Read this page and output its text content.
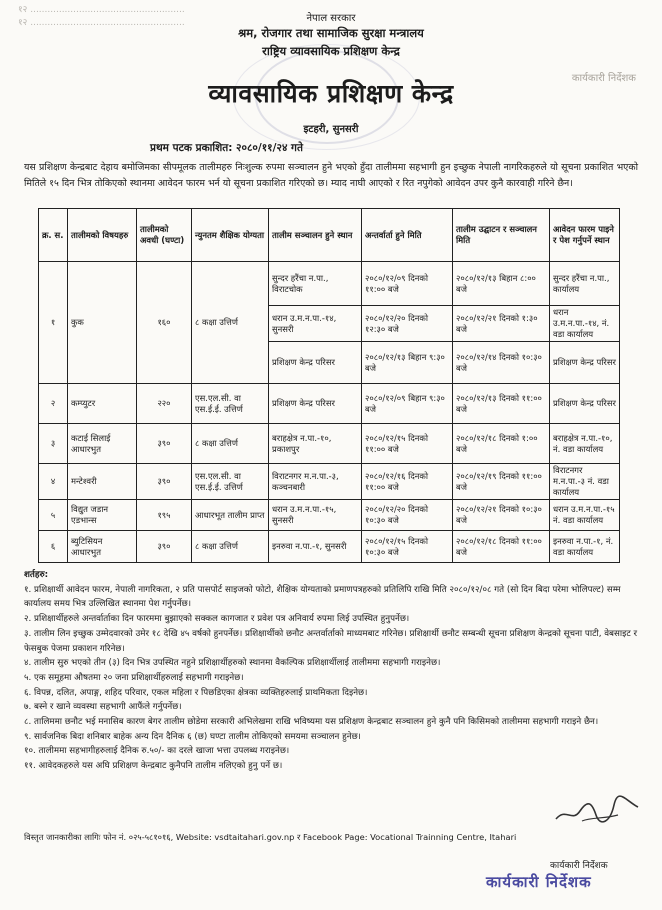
१२ ......................................................
१२ ......................................................	नेपाल सरकार
श्रम, रोजगार तथा सामाजिक सुरक्षा मन्त्रालय
राष्ट्रिय व्यावसायिक प्रशिक्षण केन्द्र
व्यावसायिक प्रशिक्षण केन्द्र
इटहरी, सुनसरी
कार्यकारी निर्देशक
प्रथम पटक प्रकाशित: २०८०/११/२४ गते
यस प्रशिक्षण केन्द्रबाट देहाय बमोजिमका सीपमूलक तालीमहरु निःशुल्क रुपमा सञ्चालन हुने भएको हुँदा तालीममा सहभागी हुन इच्छुक नेपाली नागरिकहरुले यो सूचना प्रकाशित भएको मितिले १५ दिन भित्र तोकिएको स्थानमा आवेदन फारम भर्न यो सूचना प्रकाशित गरिएको छ। म्याद नाघी आएको र रित नपुगेको आवेदन उपर कुनै कारवाही गरिने छैन।
क्र. स.	तालीमको विषयहरु	तालीमको अवधी (घण्टा)	न्युनतम शैक्षिक योग्यता	तालीम सञ्चालन हुने स्थान	अन्तर्वार्ता हुने मिति	तालीम उद्घाटन र सञ्चालन मिति	आवेदन फारम पाइने र पेश गर्नुपर्ने स्थान
१	कुक	१६०	८ कक्षा उत्तिर्ण	सुन्दर हरैंचा न.पा., विराटचोक	२०८०/१२/०९ दिनको ११:०० बजे	२०८०/१२/१३ बिहान ८:०० बजे	सुन्दर हरैंचा न.पा., कार्यालय
				धरान उ.म.न.पा.-१४, सुनसरी	२०८०/१२/२० दिनको १२:३० बजे	२०८०/१२/२१ दिनको १:३० बजे	धरान उ.म.न.पा.-१४, नं. वडा कार्यालय
				प्रशिक्षण केन्द्र परिसर	२०८०/१२/१३ बिहान ९:३० बजे	२०८०/१२/१४ दिनको १०:३० बजे	प्रशिक्षण केन्द्र परिसर
२	कम्प्युटर	२२०	एस.एल.सी. वा एस.ई.ई. उत्तिर्ण	प्रशिक्षण केन्द्र परिसर	२०८०/१२/०९ बिहान ९:३० बजे	२०८०/१२/१३ दिनको ११:०० बजे	प्रशिक्षण केन्द्र परिसर
३	कटाई सिलाई आधारभुत	३९०	८ कक्षा उत्तिर्ण	बराहक्षेत्र न.पा.-१०, प्रकाशपुर	२०८०/१२/१५ दिनको ११:०० बजे	२०८०/१२/१८ दिनको १:०० बजे	बराहक्षेत्र न.पा.-१०, नं. वडा कार्यालय
४	मन्टेश्वरी	३९०	एस.एल.सी. वा एस.ई.ई. उत्तिर्ण	विराटनगर म.न.पा.-३, कञ्चनबारी	२०८०/१२/१६ दिनको ११:०० बजे	२०८०/१२/१९ दिनको ११:०० बजे	विराटनगर म.न.पा.-३ नं. वडा कार्यालय
५	विद्युत जडान एडभान्स	१९५	आधारभूत तालीम प्राप्त	धरान उ.म.न.पा.-१५, सुनसरी	२०८०/१२/२० दिनको १०:३० बजे	२०८०/१२/२१ दिनको १०:३० बजे	धरान उ.म.न.पा.-१५ नं. वडा कार्यालय
६	ब्युटिसियन आधारभुत	३९०	८ कक्षा उत्तिर्ण	इनरुवा न.पा.-१, सुनसरी	२०८०/१२/१५ दिनको १०:३० बजे	२०८०/१२/१८ दिनको ११:०० बजे	इनरुवा न.पा.-१, नं. वडा कार्यालय
शर्तहरु:
१. प्रशिक्षार्थी आवेदन फारम, नेपाली नागरिकता, २ प्रति पासपोर्ट साइजको फोटो, शैक्षिक योग्यताको प्रमाणपत्रहरुको प्रतिलिपि राखि मिति २०८०/१२/०८ गते (सो दिन बिदा परेमा भोलिपल्ट) सम्म कार्यालय समय भित्र उल्लिखित स्थानमा पेश गर्नुपर्नेछ।
२. प्रशिक्षार्थीहरुले अन्तर्वार्ताका दिन फारममा बुझाएको सक्कल कागजात र प्रवेश पत्र अनिवार्य रुपमा लिई उपस्थित हुनुपर्नेछ।
३. तालीम लिन इच्छुक उम्मेदवारको उमेर १८ देखि ४५ वर्षको हुनपर्नेछ। प्रशिक्षार्थीको छनौट अन्तर्वार्ताको माध्यमबाट गरिनेछ। प्रशिक्षार्थी छनौट सम्बन्धी सूचना प्रशिक्षण केन्द्रको सूचना पाटी, वेबसाइट र फेसबुक पेजमा प्रकाशन गरिनेछ।
४. तालीम सुरु भएको तीन (३) दिन भित्र उपस्थित नहुने प्रशिक्षार्थीहरुको स्थानमा वैकल्पिक प्रशिक्षार्थीलाई तालीममा सहभागी गराइनेछ।
५. एक समूहमा औषतमा २० जना प्रशिक्षार्थीहरुलाई सहभागी गराइनेछ।
६. विपन्न, दलित, अपाङ्ग, शहिद परिवार, एकल महिला र पिछडिएका क्षेत्रका व्यक्तिहरुलाई प्राथमिकता दिइनेछ।
७. बस्ने र खाने व्यवस्था सहभागी आफैंले गर्नुपर्नेछ।
८. तालिममा छनौट भई मनासिब कारण बेगर तालीम छोडेमा सरकारी अभिलेखमा राखि भविष्यमा यस प्रशिक्षण केन्द्रबाट सञ्चालन हुने कुनै पनि किसिमको तालीममा सहभागी गराइने छैन।
९. सार्वजनिक बिदा शनिबार बाहेक अन्य दिन दैनिक ६ (छ) घण्टा तालीम तोकिएको समयमा सञ्चालन हुनेछ।
१०. तालीममा सहभागीहरुलाई दैनिक रु.५०/- का दरले खाजा भत्ता उपलब्ध गराइनेछ।
११. आवेदकहरुले यस अघि प्रशिक्षण केन्द्रबाट कुनैपनि तालीम नलिएको हुनु पर्ने छ।
विस्तृत जानकारीका लागिः फोन नं. ०२५-५८१०१६, Website: vsdtaitahari.gov.np र Facebook Page: Vocational Trainning Centre, Itahari
कार्यकारी निर्देशक
कार्यकारी निर्देशक
